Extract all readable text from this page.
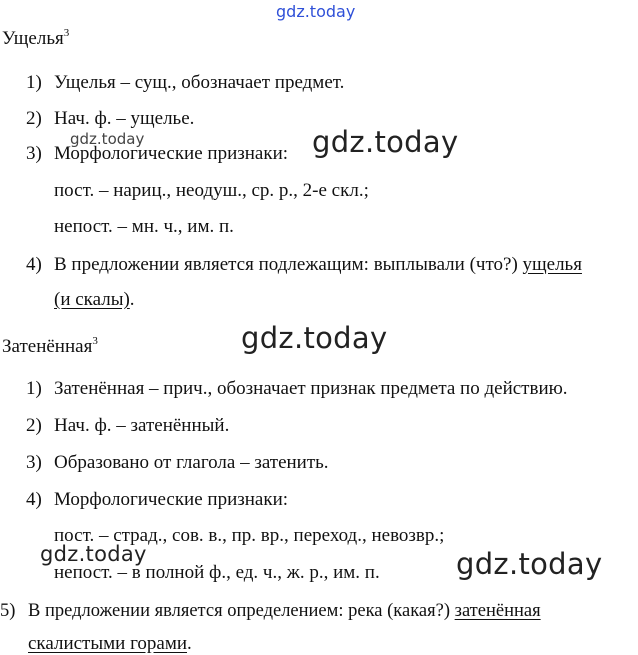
gdz.today
gdz.today	gdz.today
gdz.today
gdz.today	gdz.today
Ущелья$^3$
1) Ущелья – сущ., обозначает предмет.
2) Нач. ф. – ущелье.
3) Морфологические признаки:
пост. – нариц., неодуш., ср. р., 2-е скл.;
непост. – мн. ч., им. п.
4) В предложении является подлежащим: выплывали (что?) ущелья
(и скалы).
Затенённая$^3$
1) Затенённая – прич., обозначает признак предмета по действию.
2) Нач. ф. – затенённый.
3) Образовано от глагола – затенить.
4) Морфологические признаки:
пост. – страд., сов. в., пр. вр., переход., невозвр.;
непост. – в полной ф., ед. ч., ж. р., им. п.
5) В предложении является определением: река (какая?) затенённая
скалистыми горами.
